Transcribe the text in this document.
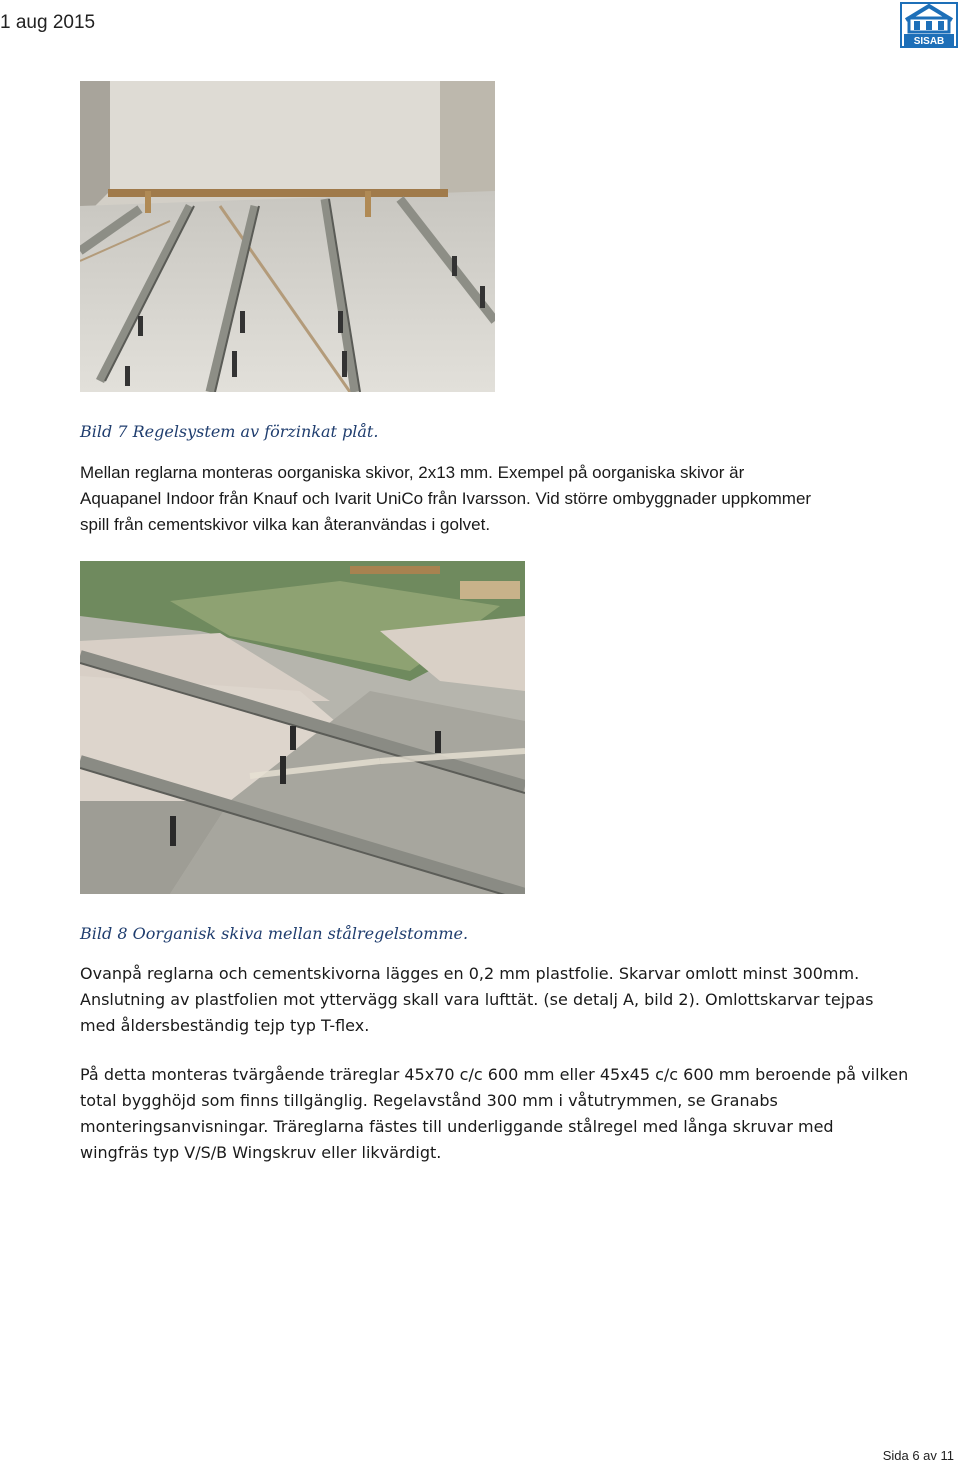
1 aug 2015
SISAB
Bild 7 Regelsystem av förzinkat plåt.
Mellan reglarna monteras oorganiska skivor, 2x13 mm. Exempel på oorganiska skivor är
Aquapanel Indoor från Knauf och Ivarit UniCo från Ivarsson. Vid större ombyggnader uppkommer
spill från cementskivor vilka kan återanvändas i golvet.
Bild 8 Oorganisk skiva mellan stålregelstomme.
Ovanpå reglarna och cementskivorna lägges en 0,2 mm plastfolie. Skarvar omlott minst 300mm.
Anslutning av plastfolien mot yttervägg skall vara lufttät. (se detalj A, bild 2). Omlottskarvar tejpas
med åldersbeständig tejp typ T-flex.
På detta monteras tvärgående träreglar 45x70 c/c 600 mm eller 45x45 c/c 600 mm beroende på vilken
total bygghöjd som finns tillgänglig. Regelavstånd 300 mm i våtutrymmen, se Granabs
monteringsanvisningar. Träreglarna fästes till underliggande stålregel med långa skruvar med
wingfräs typ V/S/B Wingskruv eller likvärdigt.
Sida 6 av 11
